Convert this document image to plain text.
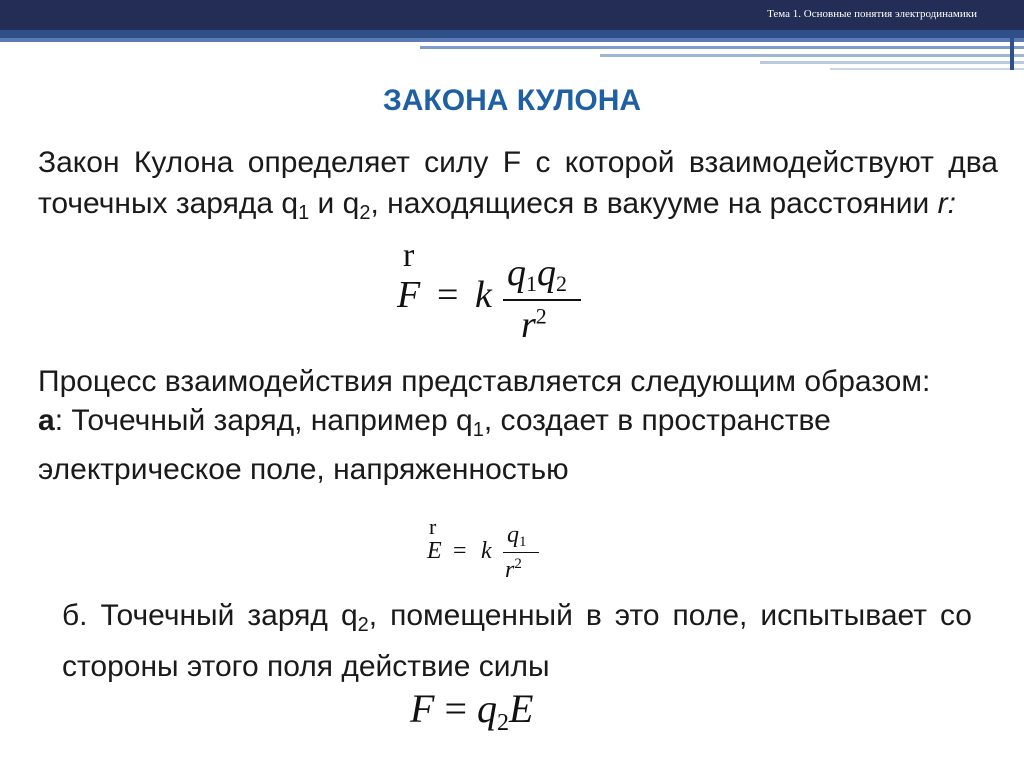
Тема 1. Основные понятия электродинамики
ЗАКОНА КУЛОНА
Закон Кулона определяет силу F с которой взаимодействуют два точечных заряда $q_1$ и $q_2$, находящиеся в вакууме на расстоянии r:
r
F = k
q1q2
$r^2$
Процесс взаимодействия представляется следующим образом:
а: Точечный заряд, например $q_1$, создает в пространстве электрическое поле, напряженностью
r
E = k
q1
$r^2$
б. Точечный заряд $q_2$, помещенный в это поле, испытывает со стороны этого поля действие силы
$F = q_2E$
